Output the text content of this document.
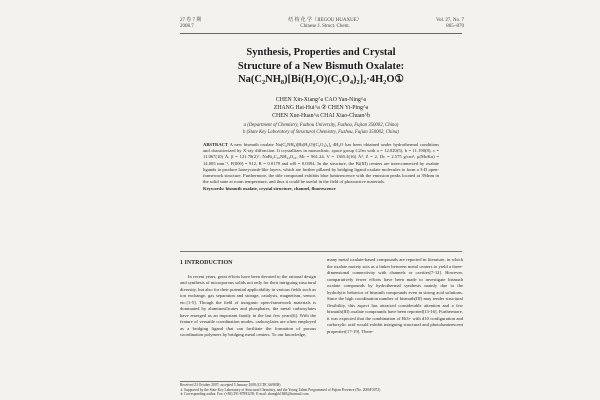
27 卷 7 期
2008.7
结 构 化 学（JIEGOU HUAXUE）
Chinese J. Struct. Chem.
Vol. 27, No. 7
865~870
Synthesis, Properties and Crystal
Structure of a New Bismuth Oxalate:
Na(C₂NH₈)[Bi(H₂O)(C₂O₄)₂]₂·4H₂O①
CHEN Xin-Xiang^a CAO Yan-Ning^a
ZHANG Hai-Hui^a ② CHEN Yi-Ping^a
CHEN Xue-Huan^a CHAI Xiao-Chuan^b
a (Department of Chemistry, Fuzhou University, Fuzhou, Fujian 350002, China)
b (State Key Laboratory of Structural Chemistry, Fuzhou, Fujian 350002, China)
ABSTRACT A new bismuth oxalate Na(C₂NH₈)[Bi(H₂O)(C₂O₄)₂]₂·4H₂O has been obtained under hydrothermal conditions and characterized by X-ray diffraction. It crystallizes in monoclinic, space group C2/m with a = 12.020(5), b = 11.190(8), c = 11.067(10) Å, β = 121.78(2)°, NaBi₂C₁₀NH₂₄O₂₂, Mr = 961.24, V = 1365.4(16) Å³, Z = 2, Dc = 2.575 g/cm³, μ(MoKα) = 14.005 mm⁻¹, F(000) = 912, R = 0.0179 and wR = 0.0394. In the structure, the Bi(III) centers are interconnected by oxalate ligands to produce honeycomb-like layers, which are further pillared by bridging ligand oxalate molecules to form a 3-D open-framework structure. Furthermore, the title compound exhibits blue luminescence with the emission peaks located at 394nm in the solid state at room temperature, and thus it could be useful in the field of photoactive materials.
Keywords: bismuth oxalate, crystal structure, channel, fluorescence
1 INTRODUCTION

In recent years, great efforts have been devoted to the rational design and synthesis of microporous solids not only for their intriguing structural diversity, but also for their potential applicability in various fields such as ion exchange, gas separation and storage, catalysis, magnetism, sensor, etc.[1-5]. Though the field of inorganic open-framework materials is dominated by aluminosilicates and phosphates, the metal carboxylates have emerged as an important family in the last few years[6]. With the feature of versatile coordination modes, carboxylates are often employed as a bridging ligand that can facilitate the formation of porous coordination polymers by bridging metal centers. To our knowledge,

many metal oxalate-based compounds are reported in literature, in which the oxalate moiety acts as a linker between metal centers to yield a three-dimensional connectivity with channels or cavities[7-12]. However, comparatively fewer efforts have been made to investigate bismuth oxalate compounds by hydrothermal synthesis mainly due to the hydrolytic behavior of bismuth compounds even in strong acid solutions. Since the high coordination number of bismuth(III) may render structural flexibility, this aspect has attracted considerable attention and a few bismuth(III) oxalate compounds have been reported[13-16]. Furthermore, it was expected that the combination of Bi3+ with d10 configuration and carboxylic acid would exhibit intriguing structural and photoluminescent properties[17-19]. There-

Received 23 October 2007; accepted 3 January 2008 (CCDC 669838)
① Supported by the State Key Laboratory of Structural Chemistry, and the Young Talent Programmed of Fujian Province (No. 2006F3072)
② Corresponding author. Fax: (+86) 591-87893239, E-mail: zhanghh1840@hotmail.com
